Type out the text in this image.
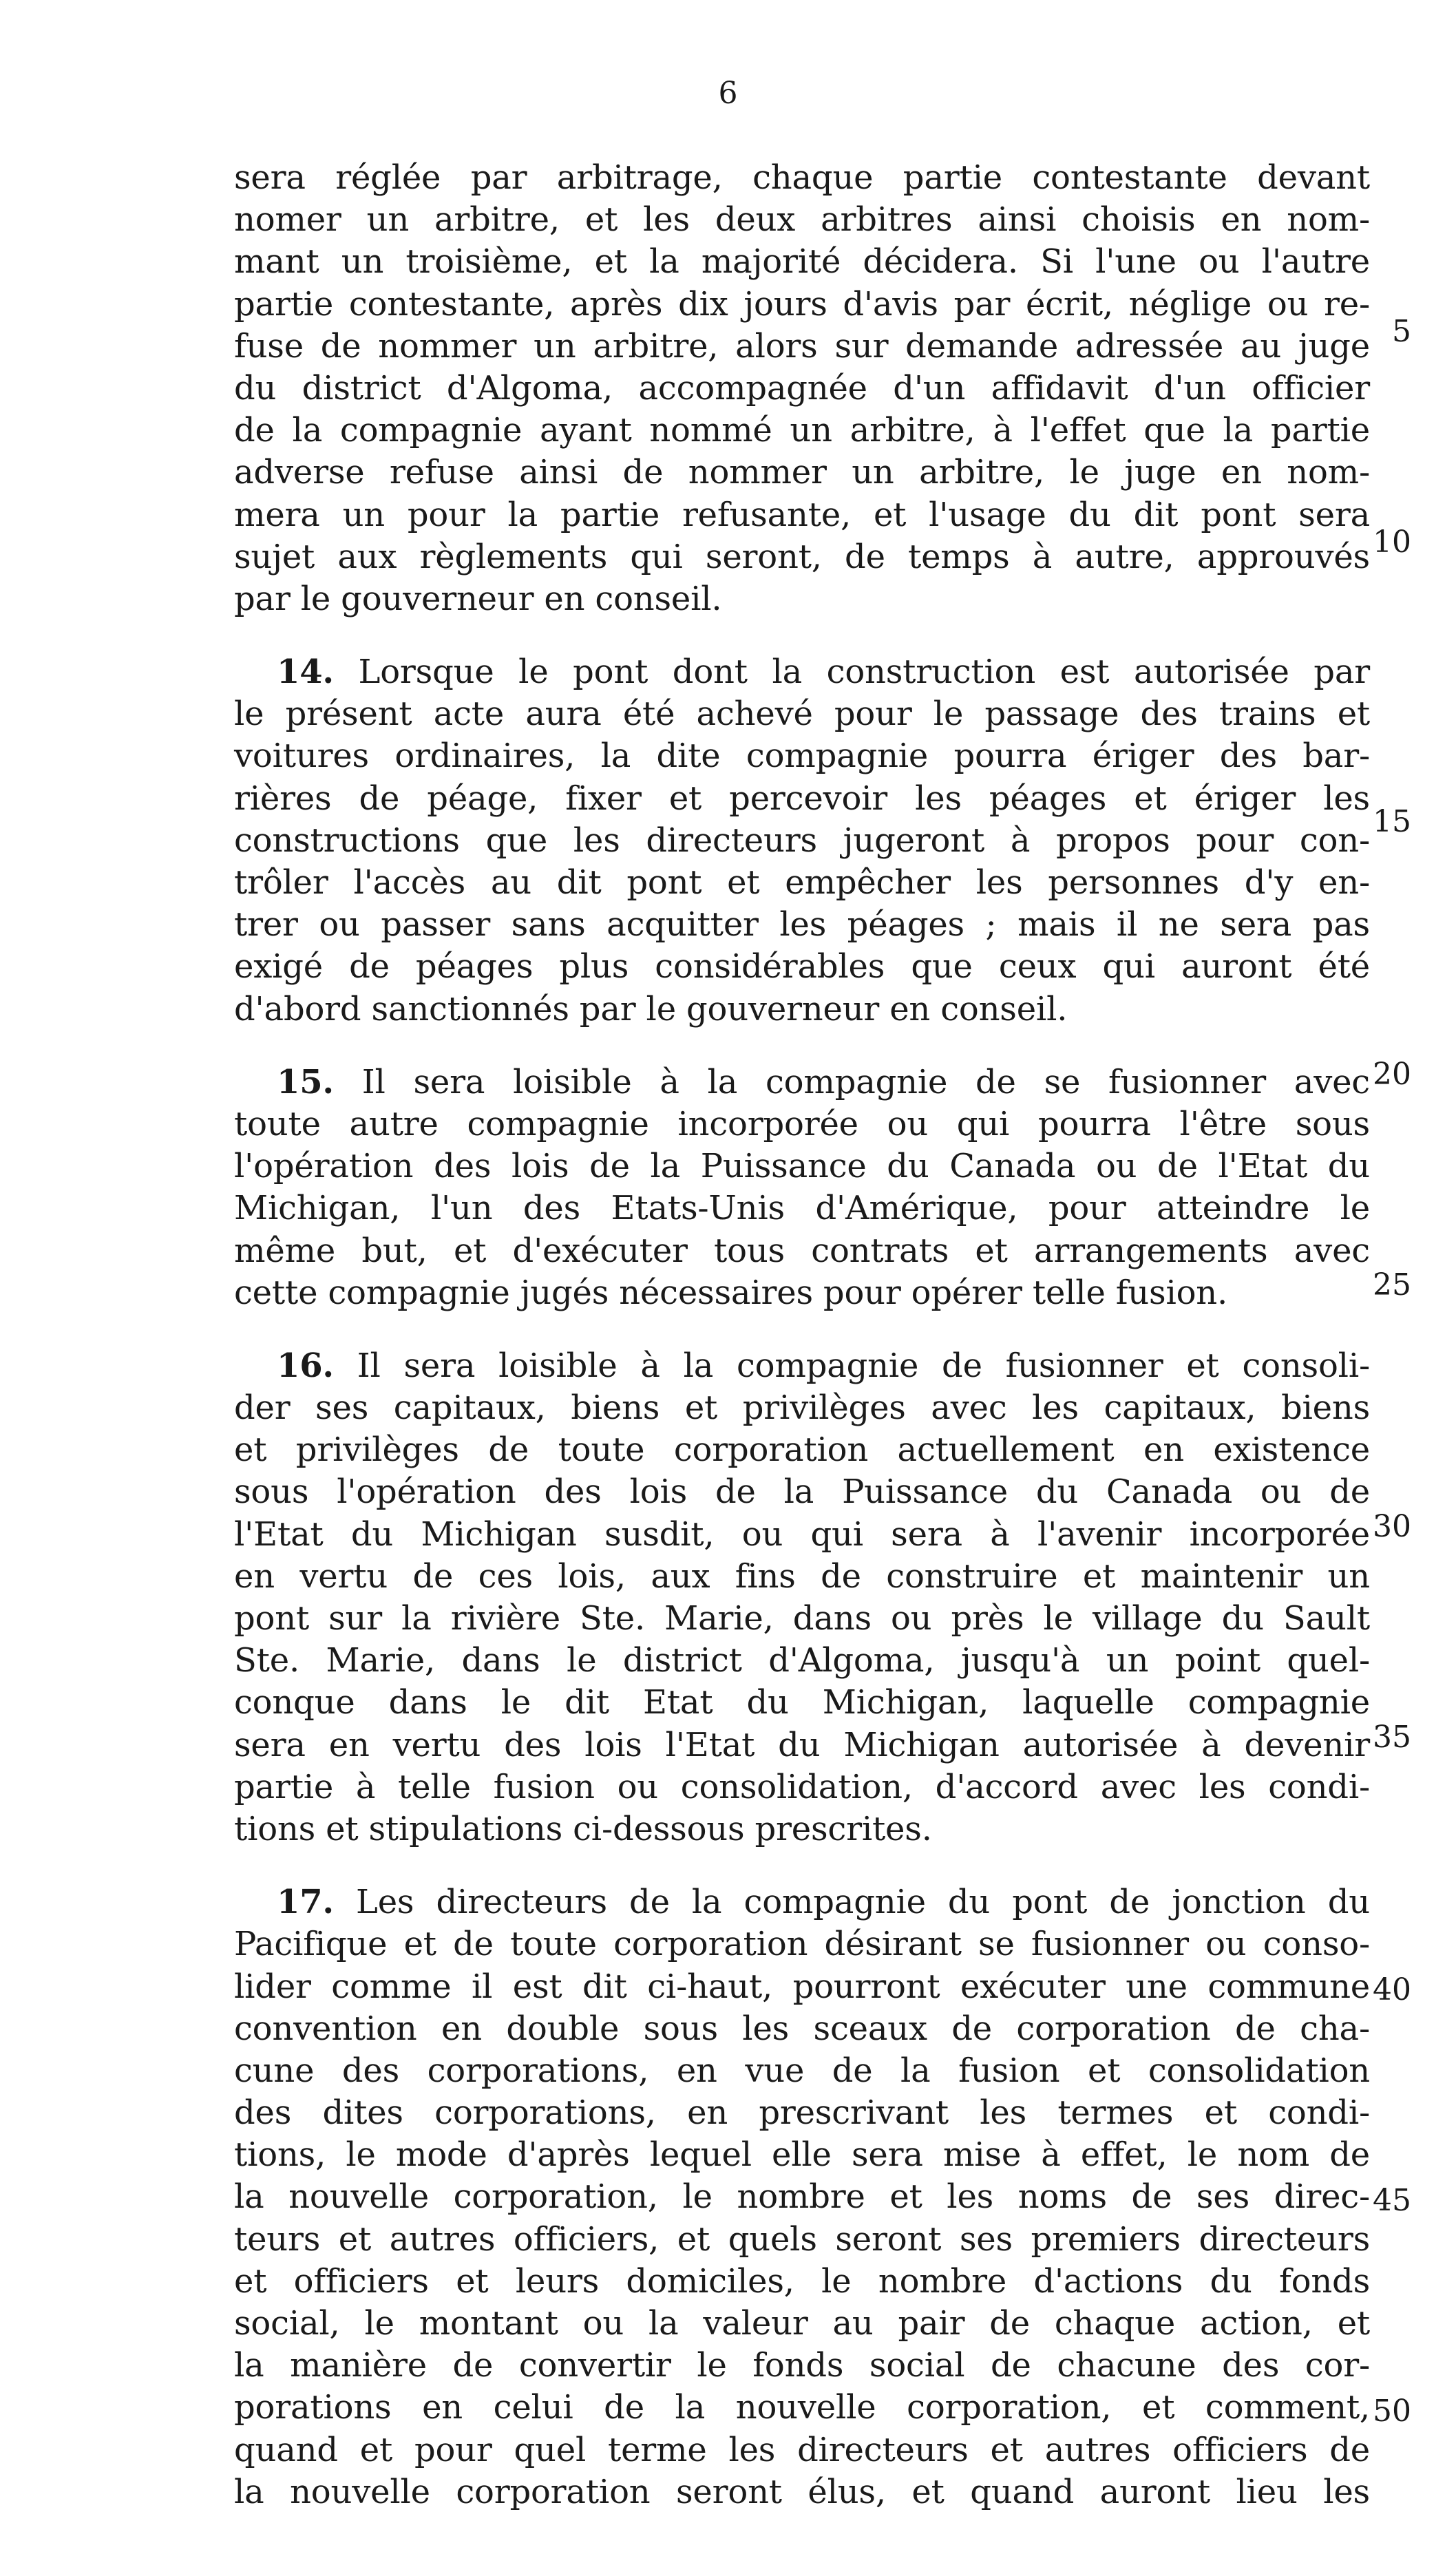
6
sera réglée par arbitrage, chaque partie contestante devant
nomer un arbitre, et les deux arbitres ainsi choisis en nom-
mant un troisième, et la majorité décidera. Si l'une ou l'autre
partie contestante, après dix jours d'avis par écrit, néglige ou re-
fuse de nommer un arbitre, alors sur demande adressée au juge
du district d'Algoma, accompagnée d'un affidavit d'un officier
de la compagnie ayant nommé un arbitre, à l'effet que la partie
adverse refuse ainsi de nommer un arbitre, le juge en nom-
mera un pour la partie refusante, et l'usage du dit pont sera
sujet aux règlements qui seront, de temps à autre, approuvés
par le gouverneur en conseil.
14. Lorsque le pont dont la construction est autorisée par
le présent acte aura été achevé pour le passage des trains et
voitures ordinaires, la dite compagnie pourra ériger des bar-
rières de péage, fixer et percevoir les péages et ériger les
constructions que les directeurs jugeront à propos pour con-
trôler l'accès au dit pont et empêcher les personnes d'y en-
trer ou passer sans acquitter les péages ; mais il ne sera pas
exigé de péages plus considérables que ceux qui auront été
d'abord sanctionnés par le gouverneur en conseil.
15. Il sera loisible à la compagnie de se fusionner avec
toute autre compagnie incorporée ou qui pourra l'être sous
l'opération des lois de la Puissance du Canada ou de l'Etat du
Michigan, l'un des Etats-Unis d'Amérique, pour atteindre le
même but, et d'exécuter tous contrats et arrangements avec
cette compagnie jugés nécessaires pour opérer telle fusion.
16. Il sera loisible à la compagnie de fusionner et consoli-
der ses capitaux, biens et privilèges avec les capitaux, biens
et privilèges de toute corporation actuellement en existence
sous l'opération des lois de la Puissance du Canada ou de
l'Etat du Michigan susdit, ou qui sera à l'avenir incorporée
en vertu de ces lois, aux fins de construire et maintenir un
pont sur la rivière Ste. Marie, dans ou près le village du Sault
Ste. Marie, dans le district d'Algoma, jusqu'à un point quel-
conque dans le dit Etat du Michigan, laquelle compagnie
sera en vertu des lois l'Etat du Michigan autorisée à devenir
partie à telle fusion ou consolidation, d'accord avec les condi-
tions et stipulations ci-dessous prescrites.
17. Les directeurs de la compagnie du pont de jonction du
Pacifique et de toute corporation désirant se fusionner ou conso-
lider comme il est dit ci-haut, pourront exécuter une commune
convention en double sous les sceaux de corporation de cha-
cune des corporations, en vue de la fusion et consolidation
des dites corporations, en prescrivant les termes et condi-
tions, le mode d'après lequel elle sera mise à effet, le nom de
la nouvelle corporation, le nombre et les noms de ses direc-
teurs et autres officiers, et quels seront ses premiers directeurs
et officiers et leurs domiciles, le nombre d'actions du fonds
social, le montant ou la valeur au pair de chaque action, et
la manière de convertir le fonds social de chacune des cor-
porations en celui de la nouvelle corporation, et comment,
quand et pour quel terme les directeurs et autres officiers de
la nouvelle corporation seront élus, et quand auront lieu les
5
10
15
20
25
30
35
40
45
50
